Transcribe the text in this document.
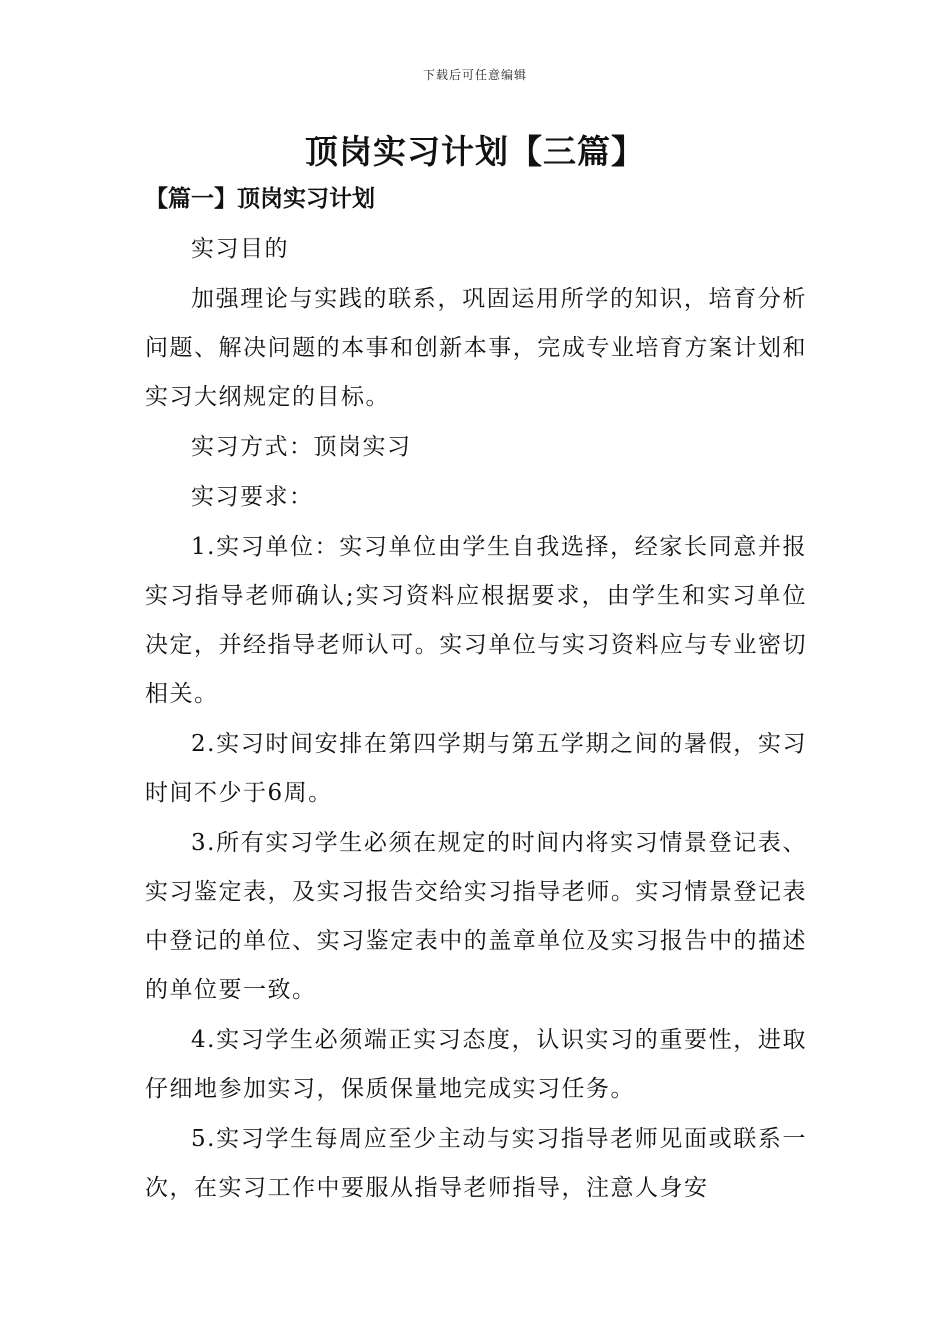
下载后可任意编辑
顶岗实习计划【三篇】
【篇一】顶岗实习计划

实习目的

加强理论与实践的联系，巩固运用所学的知识，培育分析问题、解决问题的本事和创新本事，完成专业培育方案计划和实习大纲规定的目标。

实习方式：顶岗实习

实习要求：

1.实习单位：实习单位由学生自我选择，经家长同意并报实习指导老师确认;实习资料应根据要求，由学生和实习单位决定，并经指导老师认可。实习单位与实习资料应与专业密切相关。

2.实习时间安排在第四学期与第五学期之间的暑假，实习时间不少于6周。

3.所有实习学生必须在规定的时间内将实习情景登记表、实习鉴定表，及实习报告交给实习指导老师。实习情景登记表中登记的单位、实习鉴定表中的盖章单位及实习报告中的描述的单位要一致。

4.实习学生必须端正实习态度，认识实习的重要性，进取仔细地参加实习，保质保量地完成实习任务。

5.实习学生每周应至少主动与实习指导老师见面或联系一次，在实习工作中要服从指导老师指导，注意人身安
